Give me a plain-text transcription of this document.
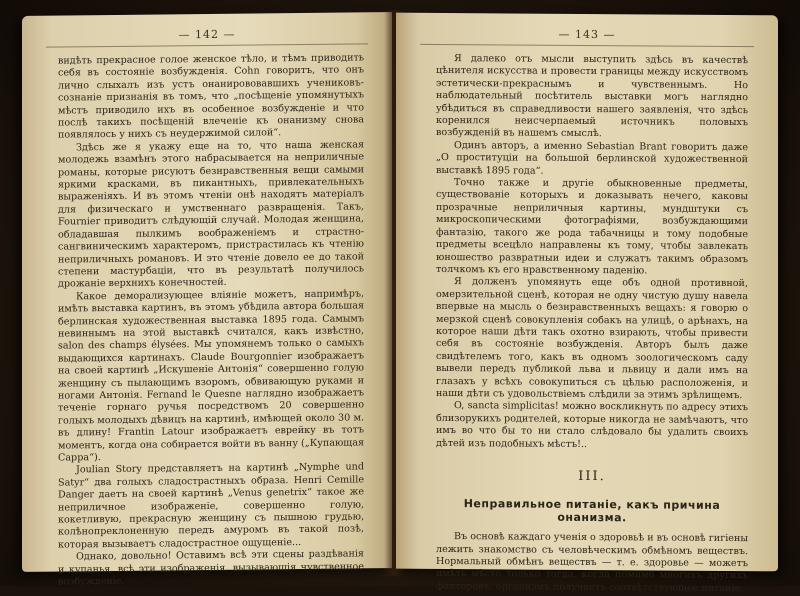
— 142 —

видѣть прекрасное голое женское тѣло, и тѣмъ приводить себя въ состояніе возбужденія. Cohn говоритъ, что онъ лично слыхалъ изъ устъ онанирововавшихъ учениковъ-сознаніе признанія въ томъ, что „посѣщеніе упомянутыхъ мѣстъ приводило ихъ въ особенное возбужденіе и что послѣ такихъ посѣщеній влеченіе къ онанизму снова появлялось у нихъ съ неудержимой силой“.

Здѣсь же я укажу еще на то, что наша женская молодежь взамѣнъ этого набрасывается на неприличные романы, которые рисуютъ безнравственныя вещи самыми яркими красками, въ пикантныхъ, привлекательныхъ выраженіяхъ. И въ этомъ чтеніи онѣ находятъ матеріалъ для физическаго и умственнаго развращенія. Такъ, Fournier приводитъ слѣдующій случай. Молодая женщина, обладавшая пылкимъ воображеніемъ и страстно-сангвиническимъ характеромъ, пристрастилась къ чтенію неприличныхъ романовъ. И это чтеніе довело ее до такой степени мастурбаціи, что въ результатѣ получилось дрожаніе верхнихъ конечностей.

Какое деморализующее вліяніе можетъ, напримѣръ, имѣть выставка картинъ, въ этомъ убѣдила автора большая берлинская художественная выставка 1895 года. Самымъ невиннымъ на этой выставкѣ считался, какъ извѣстно, salon des champs élysées. Мы упомянемъ только о самыхъ выдающихся картинахъ. Claude Bourgonnier изображаетъ на своей картинѣ „Искушеніе Антонія“ совершенно голую женщину съ пылающимъ взоромъ, обвивающую руками и ногами Антонія. Fernand le Quesne наглядно изображаетъ теченіе горнаго ручья посредствомъ 20 совершенно голыхъ молодыхъ дѣвицъ на картинѣ, имѣющей около 30 м. въ длину! Frantin Latour изображаетъ еврейку въ тотъ моментъ, когда она собирается войти въ ванну („Купающая Сарра“).

Joulian Story представляетъ на картинѣ „Nymphe und Satyr“ два голыхъ сладострастныхъ образа. Henri Cemille Danger даетъ на своей картинѣ „Venus genetrix“ такое же неприличное изображеніе, совершенно голую, кокетливую, прекрасную женщину съ пышною грудью, колѣнопреклоненную передъ амуромъ въ такой позѣ, которая вызываетъ сладострастное ощущеніе...

Однако, довольно! Оставимъ всѣ эти сцены раздѣванія и купанья, всѣ эти изображенія, вызывающія чувственное возбужденіе.

— 143 —

Я далеко отъ мысли выступить здѣсь въ качествѣ цѣнителя искусства и провести границы между искусствомъ эстетически-прекраснымъ и чувственнымъ. Но наблюдательный посѣтитель выставки могъ наглядно убѣдиться въ справедливости нашего заявленія, что здѣсь коренился неисчерпаемый источникъ половыхъ возбужденій въ нашемъ смыслѣ.

Одинъ авторъ, а именно Sebastian Brant говоритъ даже „О проституціи на большой берлинской художественной выставкѣ 1895 года“.

Точно также и другіе обыкновенные предметы, существованіе которыхъ и доказывать нечего, каковы прозрачные неприличныя картины, мундштуки съ микроскопическими фотографіями, возбуждающими фантазію, такого же рода табачницы и тому подобные предметы всецѣло направлены къ тому, чтобы завлекать юношество развратныи идеи и служатъ такимъ образомъ толчкомъ къ его нравственному паденію.

Я долженъ упомянуть еще объ одной противной, омерзительной сценѣ, которая не одну чистую душу навела впервые на мысль о безнравственныхъ вещахъ: я говорю о мерзкой сценѣ совокупленія собакъ на улицѣ, о арѣнахъ, на которое наши дѣти такъ охотно взирають, чтобы привести себя въ состояніе возбужденія. Авторъ былъ даже свидѣтелемъ того, какъ въ одномъ зоологическомъ саду вывели передъ публикой львa и львицу и дали имъ на глазахъ у всѣхъ совокупиться съ цѣлью расположенія, и наши дѣти съ удовольствіемъ слѣдили за этимъ зрѣлищемъ.

O, sancta simplicitas! можно воскликнуть по адресу этихъ близорукихъ родителей, которые никогда не замѣчаютъ, что имъ во что бы то ни стало слѣдовало бы удалить своихъ дѣтей изъ подобныхъ мѣстъ!..

III.
Неправильное питаніе, какъ причина онанизма.

Въ основѣ каждаго ученія о здоровьѣ и въ основѣ гигіены лежить знакомство съ человѣческимъ обмѣномъ веществъ. Нормальный обмѣнъ веществъ — т. е. здоровье — можетъ имѣть мѣсто только тогда, когда помимо многихъ другихъ факторовъ, организмъ получаетъ соотвѣтствующее питаніе.
